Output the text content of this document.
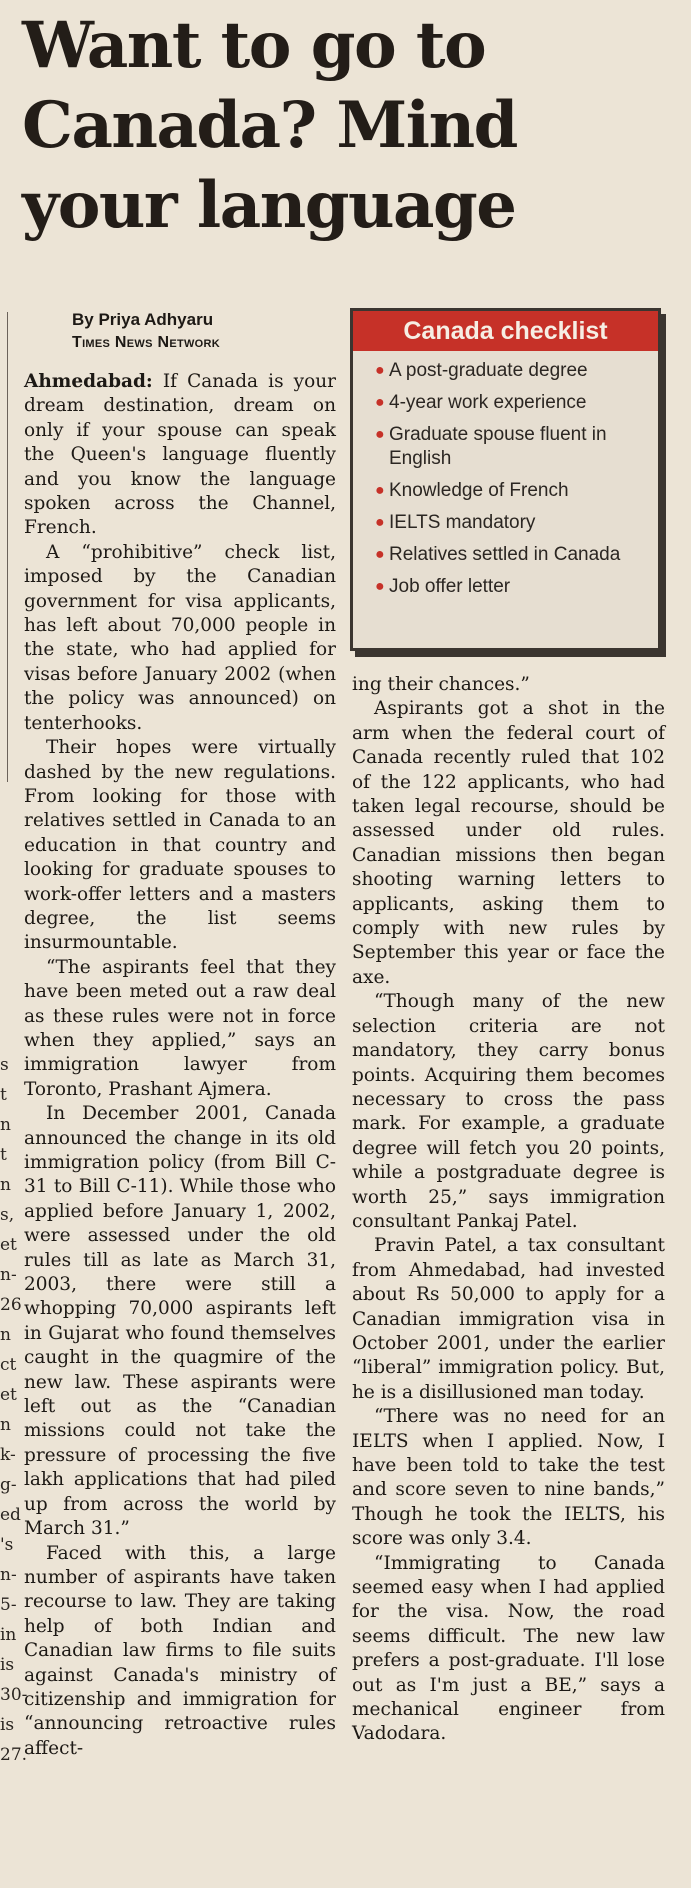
Want to go to Canada? Mind your language
By Priya Adhyaru
Times News Network	Canada checklist
● A post-graduate degree
● 4-year work experience
● Graduate spouse fluent in English
● Knowledge of French
● IELTS mandatory
● Relatives settled in Canada
● Job offer letter

Ahmedabad: If Canada is your dream destination, dream on only if your spouse can speak the Queen's language fluently and you know the language spoken across the Channel, French.

A “prohibitive” check list, imposed by the Canadian government for visa applicants, has left about 70,000 people in the state, who had applied for visas before January 2002 (when the policy was announced) on tenterhooks.

Their hopes were virtually dashed by the new regulations. From looking for those with relatives settled in Canada to an education in that country and looking for graduate spouses to work-offer letters and a masters degree, the list seems insurmountable.

“The aspirants feel that they have been meted out a raw deal as these rules were not in force when they applied,” says an immigration lawyer from Toronto, Prashant Ajmera.

In December 2001, Canada announced the change in its old immigration policy (from Bill C-31 to Bill C-11). While those who applied before January 1, 2002, were assessed under the old rules till as late as March 31, 2003, there were still a whopping 70,000 aspirants left in Gujarat who found themselves caught in the quagmire of the new law. These aspirants were left out as the “Canadian missions could not take the pressure of processing the five lakh applications that had piled up from across the world by March 31.”

Faced with this, a large number of aspirants have taken recourse to law. They are taking help of both Indian and Canadian law firms to file suits against Canada's ministry of citizenship and immigration for “announcing retroactive rules affect-

ing their chances.”

Aspirants got a shot in the arm when the federal court of Canada recently ruled that 102 of the 122 applicants, who had taken legal recourse, should be assessed under old rules. Canadian missions then began shooting warning letters to applicants, asking them to comply with new rules by September this year or face the axe.

“Though many of the new selection criteria are not mandatory, they carry bonus points. Acquiring them becomes necessary to cross the pass mark. For example, a graduate degree will fetch you 20 points, while a postgraduate degree is worth 25,” says immigration consultant Pankaj Patel.

Pravin Patel, a tax consultant from Ahmedabad, had invested about Rs 50,000 to apply for a Canadian immigration visa in October 2001, under the earlier “liberal” immigration policy. But, he is a disillusioned man today.

“There was no need for an IELTS when I applied. Now, I have been told to take the test and score seven to nine bands,” Though he took the IELTS, his score was only 3.4.

“Immigrating to Canada seemed easy when I had applied for the visa. Now, the road seems difficult. The new law prefers a post-graduate. I'll lose out as I'm just a BE,” says a mechanical engineer from Vadodara.

s
t
n
t
n
s,
et
n-
26
n
ct
et
n
k-
g-
ed
's
n-
5-
in
is
30-
is
27.
